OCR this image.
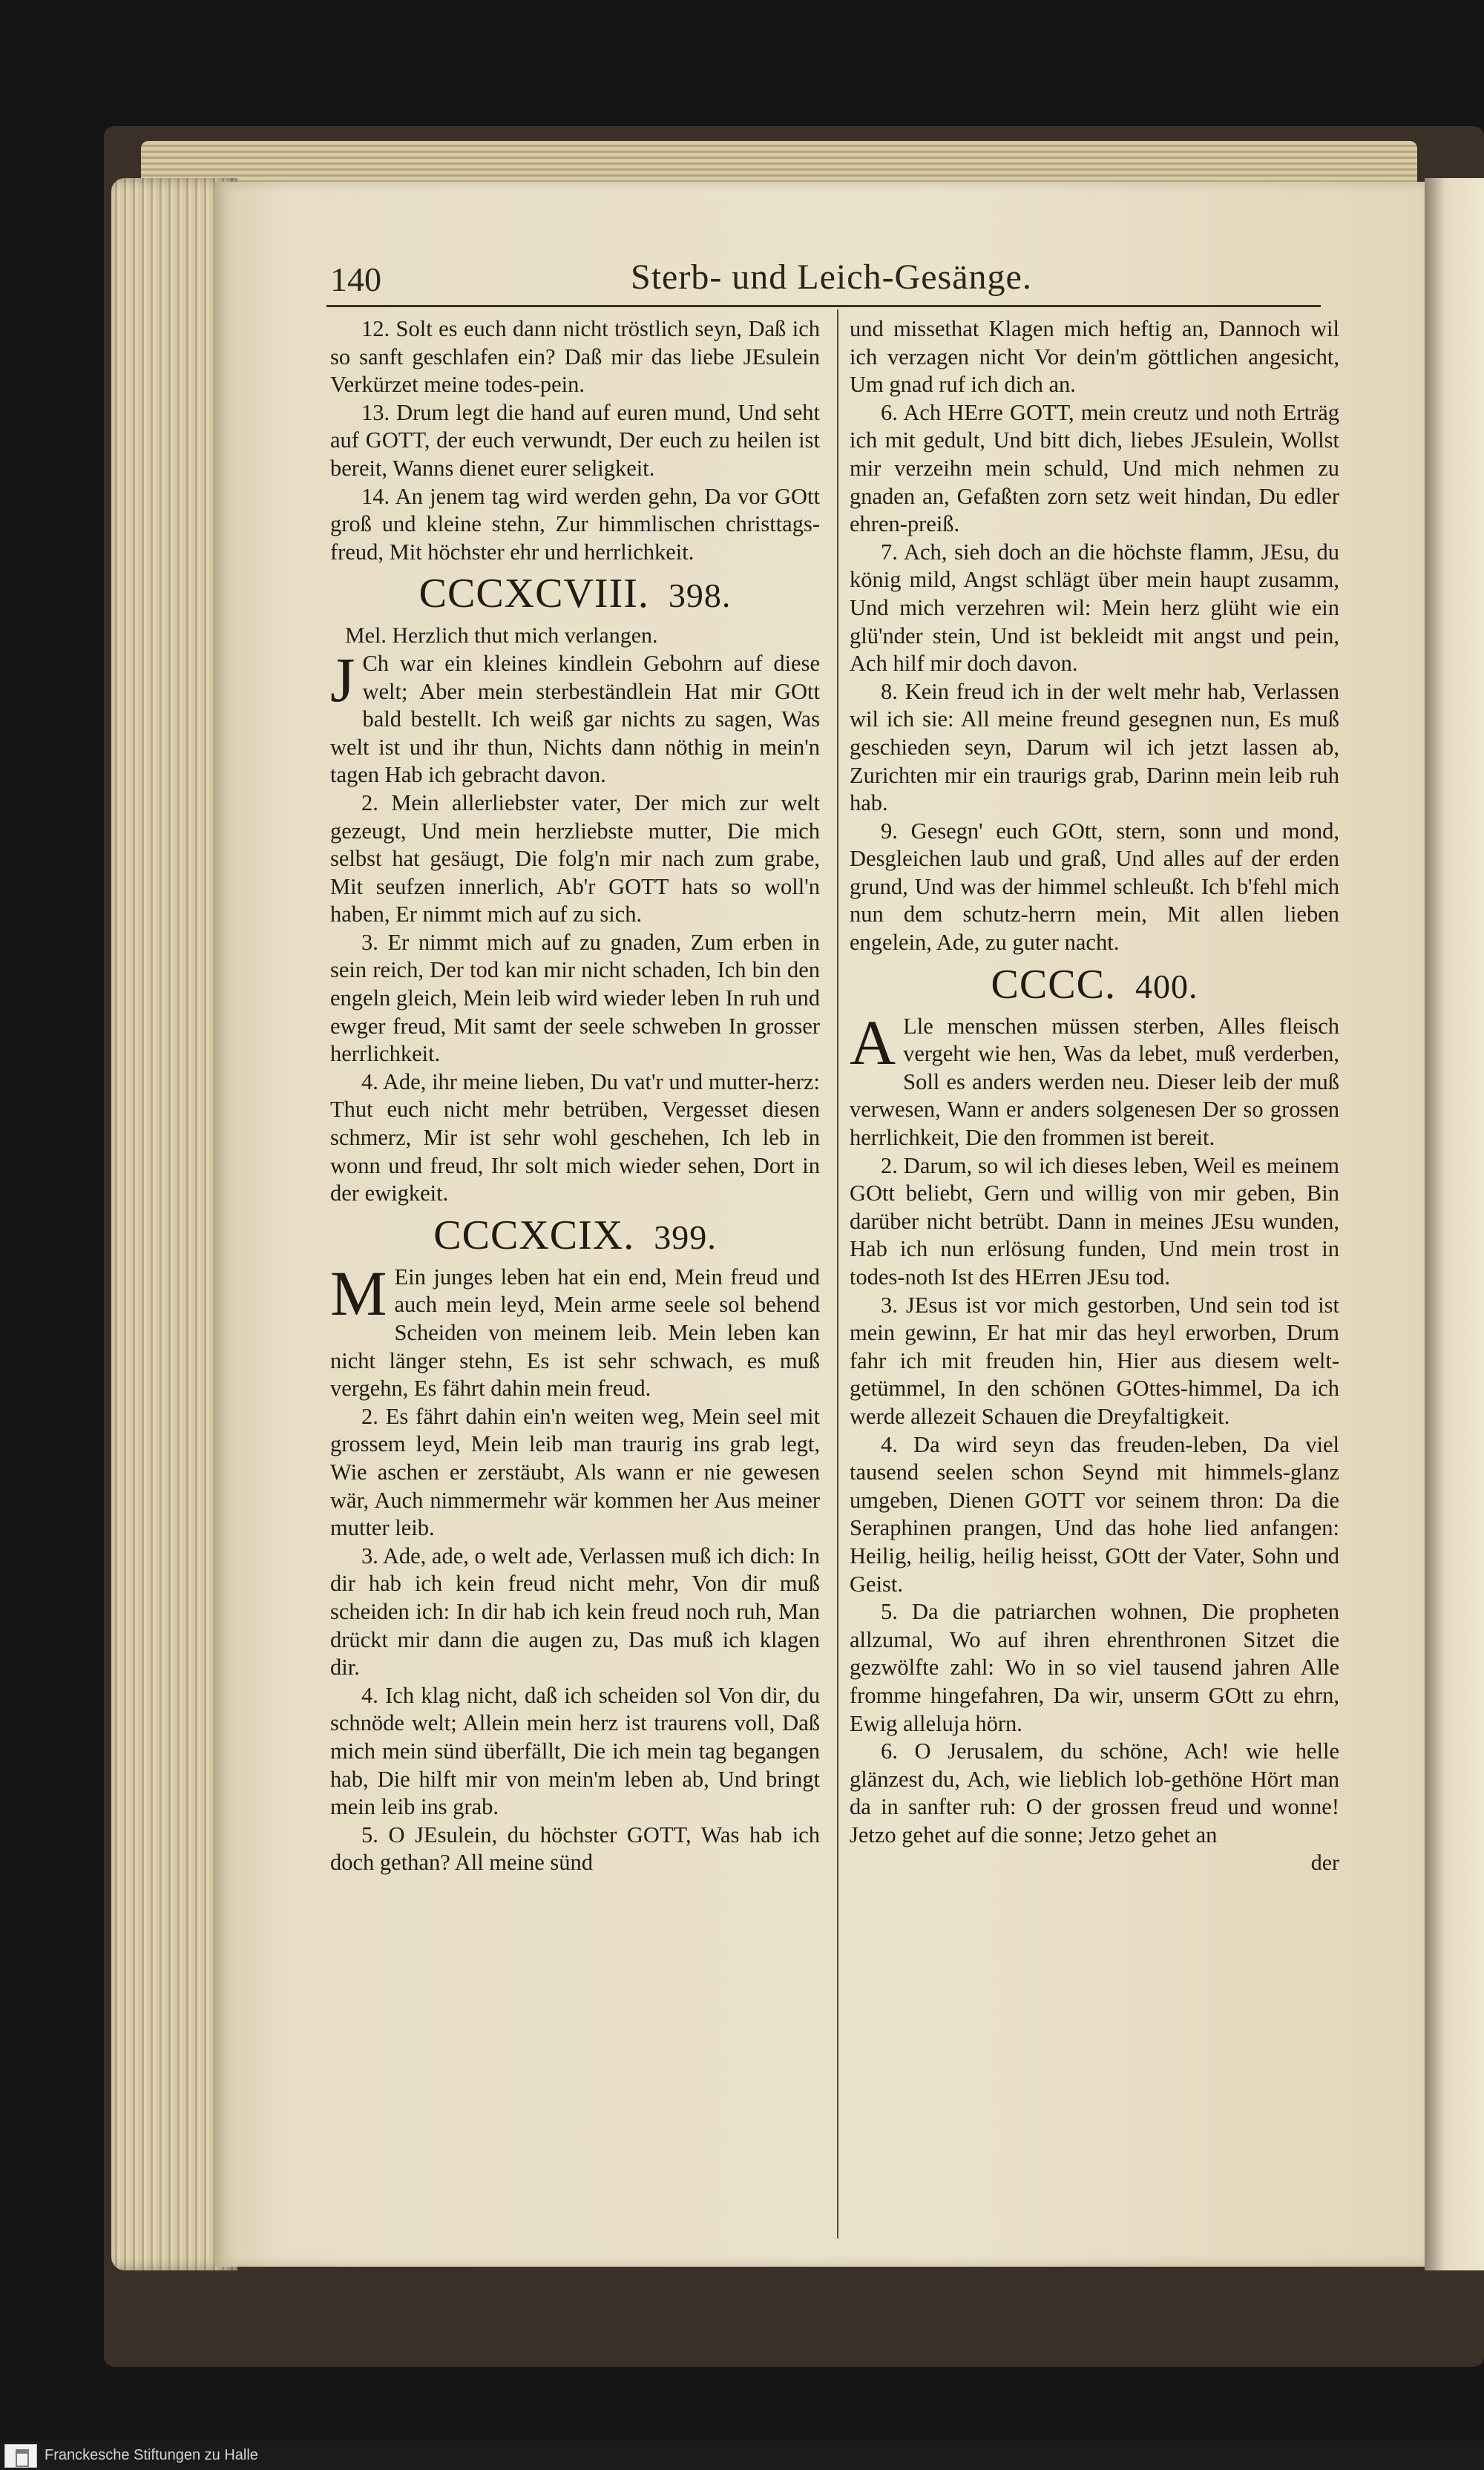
140	Sterb- und Leich-Gesänge.

12. Solt es euch dann nicht tröstlich seyn, Daß ich so sanft geschlafen ein? Daß mir das liebe JEsulein Verkürzet meine todes-pein.

13. Drum legt die hand auf euren mund, Und seht auf GOTT, der euch verwundt, Der euch zu heilen ist bereit, Wanns dienet eurer seligkeit.

14. An jenem tag wird werden gehn, Da vor GOtt groß und kleine stehn, Zur himmlischen christtags-freud, Mit höchster ehr und herrlichkeit.

CCCXCVIII. 398.

Mel. Herzlich thut mich verlangen.

J Ch war ein kleines kindlein Gebohrn auf diese welt; Aber mein sterbeständlein Hat mir GOtt bald bestellt. Ich weiß gar nichts zu sagen, Was welt ist und ihr thun, Nichts dann nöthig in mein'n tagen Hab ich gebracht davon.

2. Mein allerliebster vater, Der mich zur welt gezeugt, Und mein herzliebste mutter, Die mich selbst hat gesäugt, Die folg'n mir nach zum grabe, Mit seufzen innerlich, Ab'r GOTT hats so woll'n haben, Er nimmt mich auf zu sich.

3. Er nimmt mich auf zu gnaden, Zum erben in sein reich, Der tod kan mir nicht schaden, Ich bin den engeln gleich, Mein leib wird wieder leben In ruh und ewger freud, Mit samt der seele schweben In grosser herrlichkeit.

4. Ade, ihr meine lieben, Du vat'r und mutter-herz: Thut euch nicht mehr betrüben, Vergesset diesen schmerz, Mir ist sehr wohl geschehen, Ich leb in wonn und freud, Ihr solt mich wieder sehen, Dort in der ewigkeit.

CCCXCIX. 399.

M Ein junges leben hat ein end, Mein freud und auch mein leyd, Mein arme seele sol behend Scheiden von meinem leib. Mein leben kan nicht länger stehn, Es ist sehr schwach, es muß vergehn, Es fährt dahin mein freud.

2. Es fährt dahin ein'n weiten weg, Mein seel mit grossem leyd, Mein leib man traurig ins grab legt, Wie aschen er zerstäubt, Als wann er nie gewesen wär, Auch nimmermehr wär kommen her Aus meiner mutter leib.

3. Ade, ade, o welt ade, Verlassen muß ich dich: In dir hab ich kein freud nicht mehr, Von dir muß scheiden ich: In dir hab ich kein freud noch ruh, Man drückt mir dann die augen zu, Das muß ich klagen dir.

4. Ich klag nicht, daß ich scheiden sol Von dir, du schnöde welt; Allein mein herz ist traurens voll, Daß mich mein sünd überfällt, Die ich mein tag begangen hab, Die hilft mir von mein'm leben ab, Und bringt mein leib ins grab.

5. O JEsulein, du höchster GOTT, Was hab ich doch gethan? All meine sünd

und missethat Klagen mich heftig an, Dannoch wil ich verzagen nicht Vor dein'm göttlichen angesicht, Um gnad ruf ich dich an.

6. Ach HErre GOTT, mein creutz und noth Erträg ich mit gedult, Und bitt dich, liebes JEsulein, Wollst mir verzeihn mein schuld, Und mich nehmen zu gnaden an, Gefaßten zorn setz weit hindan, Du edler ehren-preiß.

7. Ach, sieh doch an die höchste flamm, JEsu, du könig mild, Angst schlägt über mein haupt zusamm, Und mich verzehren wil: Mein herz glüht wie ein glü'nder stein, Und ist bekleidt mit angst und pein, Ach hilf mir doch davon.

8. Kein freud ich in der welt mehr hab, Verlassen wil ich sie: All meine freund gesegnen nun, Es muß geschieden seyn, Darum wil ich jetzt lassen ab, Zurichten mir ein traurigs grab, Darinn mein leib ruh hab.

9. Gesegn' euch GOtt, stern, sonn und mond, Desgleichen laub und graß, Und alles auf der erden grund, Und was der himmel schleußt. Ich b'fehl mich nun dem schutz-herrn mein, Mit allen lieben engelein, Ade, zu guter nacht.

CCCC. 400.

A Lle menschen müssen sterben, Alles fleisch vergeht wie hen, Was da lebet, muß verderben, Soll es anders werden neu. Dieser leib der muß verwesen, Wann er anders solgenesen Der so grossen herrlichkeit, Die den frommen ist bereit.

2. Darum, so wil ich dieses leben, Weil es meinem GOtt beliebt, Gern und willig von mir geben, Bin darüber nicht betrübt. Dann in meines JEsu wunden, Hab ich nun erlösung funden, Und mein trost in todes-noth Ist des HErren JEsu tod.

3. JEsus ist vor mich gestorben, Und sein tod ist mein gewinn, Er hat mir das heyl erworben, Drum fahr ich mit freuden hin, Hier aus diesem welt-getümmel, In den schönen GOttes-himmel, Da ich werde allezeit Schauen die Dreyfaltigkeit.

4. Da wird seyn das freuden-leben, Da viel tausend seelen schon Seynd mit himmels-glanz umgeben, Dienen GOTT vor seinem thron: Da die Seraphinen prangen, Und das hohe lied anfangen: Heilig, heilig, heilig heisst, GOtt der Vater, Sohn und Geist.

5. Da die patriarchen wohnen, Die propheten allzumal, Wo auf ihren ehrenthronen Sitzet die gezwölfte zahl: Wo in so viel tausend jahren Alle fromme hingefahren, Da wir, unserm GOtt zu ehrn, Ewig alleluja hörn.

6. O Jerusalem, du schöne, Ach! wie helle glänzest du, Ach, wie lieblich lob-gethöne Hört man da in sanfter ruh: O der grossen freud und wonne! Jetzo gehet auf die sonne; Jetzo gehet an

der
Franckesche Stiftungen zu Halle
